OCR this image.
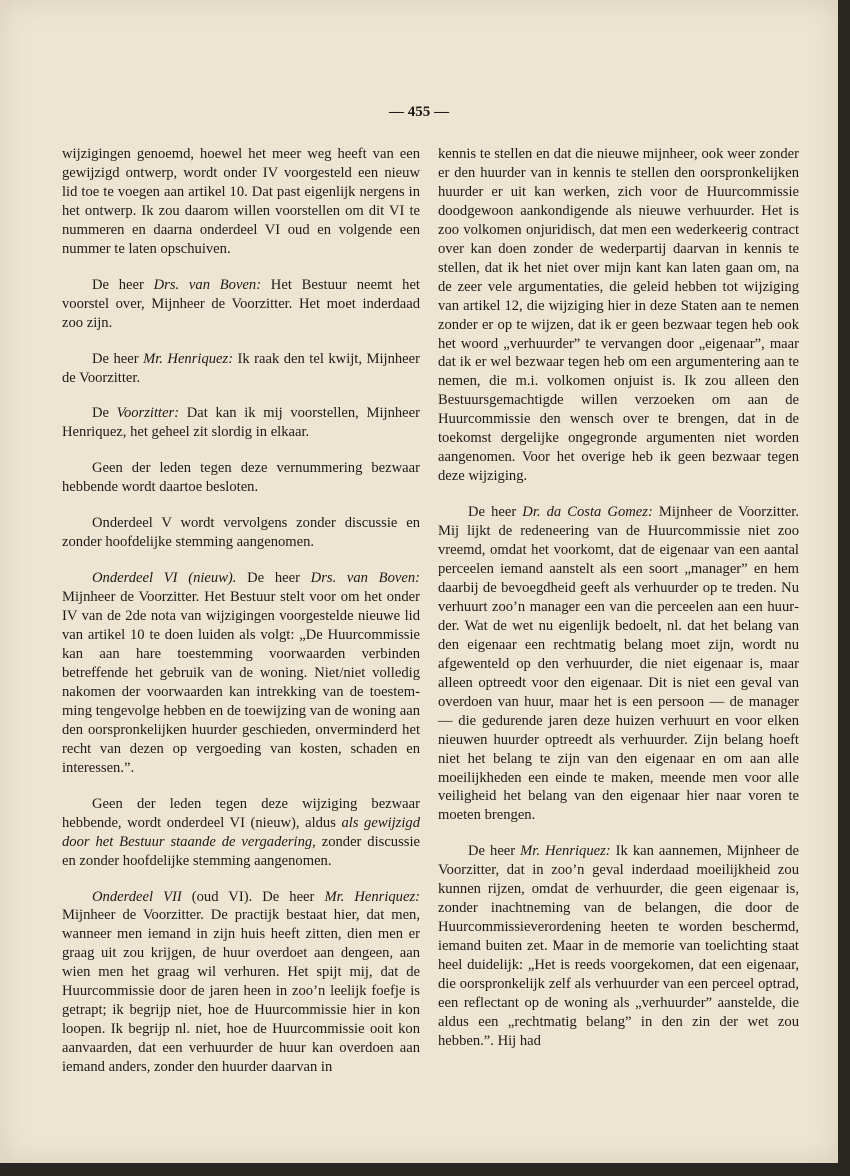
— 455 —

wijzigingen genoemd, hoewel het meer weg heeft van een gewijzigd ontwerp, wordt onder IV voorgesteld een nieuw lid toe te voegen aan artikel 10. Dat past eigenlijk nergens in het ontwerp. Ik zou daarom willen voorstellen om dit VI te nummeren en daarna onderdeel VI oud en volgende een nummer te laten opschuiven.

De heer Drs. van Boven: Het Bestuur neemt het voorstel over, Mijnheer de Voorzitter. Het moet inderdaad zoo zijn.

De heer Mr. Henriquez: Ik raak den tel kwijt, Mijnheer de Voorzitter.

De Voorzitter: Dat kan ik mij voorstellen, Mijnheer Henriquez, het geheel zit slordig in elkaar.

Geen der leden tegen deze vernummering bezwaar hebbende wordt daartoe besloten.

Onderdeel V wordt vervolgens zonder discussie en zonder hoofdelijke stemming aangenomen.

Onderdeel VI (nieuw). De heer Drs. van Boven: Mijnheer de Voorzitter. Het Bestuur stelt voor om het onder IV van de 2de nota van wijzigingen voorgestelde nieuwe lid van artikel 10 te doen luiden als volgt: „De Huurcommissie kan aan hare toestemming voorwaarden verbinden betreffende het gebruik van de woning. Niet/niet volledig nakomen der voorwaarden kan intrekking van de toestemming tengevolge hebben en de toewijzing van de woning aan den oorspronkelijken huurder geschieden, onverminderd het recht van dezen op vergoeding van kosten, schaden en interessen.”.

Geen der leden tegen deze wijziging bezwaar hebbende, wordt onderdeel VI (nieuw), aldus als gewijzigd door het Bestuur staande de vergadering, zonder discussie en zonder hoofdelijke stemming aangenomen.

Onderdeel VII (oud VI). De heer Mr. Henriquez: Mijnheer de Voorzitter. De practijk bestaat hier, dat men, wanneer men iemand in zijn huis heeft zitten, dien men er graag uit zou krijgen, de huur overdoet aan dengeen, aan wien men het graag wil verhuren. Het spijt mij, dat de Huurcommissie door de jaren heen in zoo’n leelijk foefje is getrapt; ik begrijp niet, hoe de Huurcommissie hier in kon loopen. Ik begrijp nl. niet, hoe de Huurcommissie ooit kon aanvaarden, dat een verhuurder de huur kan overdoen aan iemand anders, zonder den huurder daarvan in

kennis te stellen en dat die nieuwe mijnheer, ook weer zonder er den huurder van in kennis te stellen den oorspronkelijken huurder er uit kan werken, zich voor de Huurcommissie doodgewoon aankondigende als nieuwe verhuurder. Het is zoo volkomen onjuridisch, dat men een wederkeerig contract over kan doen zonder de wederpartij daarvan in kennis te stellen, dat ik het niet over mijn kant kan laten gaan om, na de zeer vele argumentaties, die geleid hebben tot wijziging van artikel 12, die wijziging hier in deze Staten aan te nemen zonder er op te wijzen, dat ik er geen bezwaar tegen heb ook het woord „verhuurder” te vervangen door „eigenaar”, maar dat ik er wel bezwaar tegen heb om een argumentering aan te nemen, die m.i. volkomen onjuist is. Ik zou alleen den Bestuursgemachtigde willen verzoeken om aan de Huurcommissie den wensch over te brengen, dat in de toekomst dergelijke ongegronde argumenten niet worden aangenomen. Voor het overige heb ik geen bezwaar tegen deze wijziging.

De heer Dr. da Costa Gomez: Mijnheer de Voorzitter. Mij lijkt de redeneering van de Huurcommissie niet zoo vreemd, omdat het voorkomt, dat de eigenaar van een aantal perceelen iemand aanstelt als een soort „manager” en hem daarbij de bevoegdheid geeft als verhuurder op te treden. Nu verhuurt zoo’n manager een van die perceelen aan een huurder. Wat de wet nu eigenlijk bedoelt, nl. dat het belang van den eigenaar een rechtmatig belang moet zijn, wordt nu afgewenteld op den verhuurder, die niet eigenaar is, maar alleen optreedt voor den eigenaar. Dit is niet een geval van overdoen van huur, maar het is een persoon — de manager — die gedurende jaren deze huizen verhuurt en voor elken nieuwen huurder optreedt als verhuurder. Zijn belang hoeft niet het belang te zijn van den eigenaar en om aan alle moeilijkheden een einde te maken, meende men voor alle veiligheid het belang van den eigenaar hier naar voren te moeten brengen.

De heer Mr. Henriquez: Ik kan aannemen, Mijnheer de Voorzitter, dat in zoo’n geval inderdaad moeilijkheid zou kunnen rijzen, omdat de verhuurder, die geen eigenaar is, zonder inachtneming van de belangen, die door de Huurcommissieverordening heeten te worden beschermd, iemand buiten zet. Maar in de memorie van toelichting staat heel duidelijk: „Het is reeds voorgekomen, dat een eigenaar, die oorspronkelijk zelf als verhuurder van een perceel optrad, een reflectant op de woning als „verhuurder” aanstelde, die aldus een „rechtmatig belang” in den zin der wet zou hebben.”. Hij had
